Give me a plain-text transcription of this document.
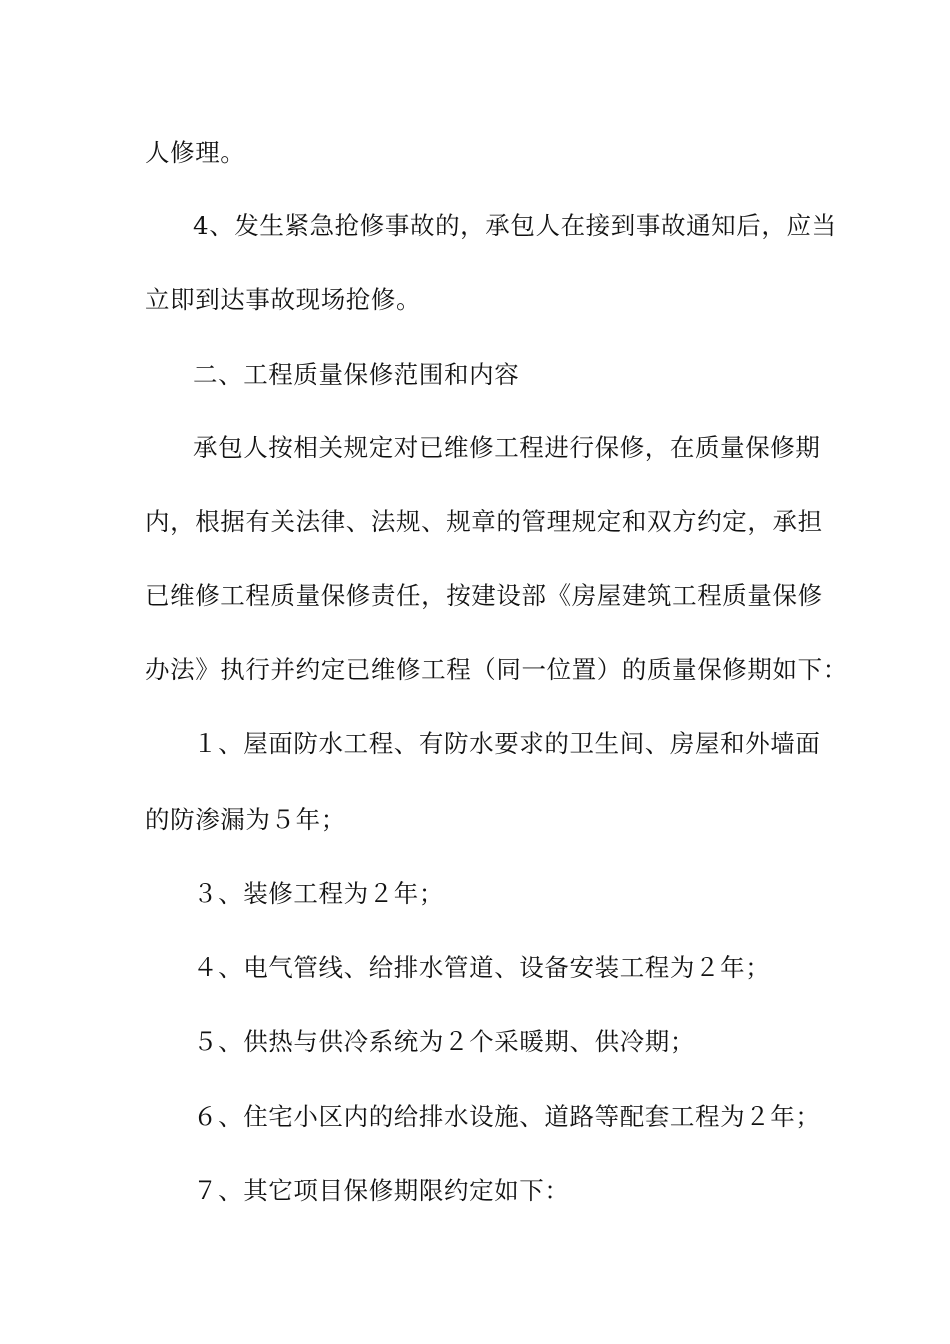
人修理。
4、发生紧急抢修事故的，承包人在接到事故通知后，应当
立即到达事故现场抢修。
二、工程质量保修范围和内容
承包人按相关规定对已维修工程进行保修，在质量保修期
内，根据有关法律、法规、规章的管理规定和双方约定，承担
已维修工程质量保修责任，按建设部《房屋建筑工程质量保修
办法》执行并约定已维修工程（同一位置）的质量保修期如下：
１、屋面防水工程、有防水要求的卫生间、房屋和外墙面
的防渗漏为５年；
３、装修工程为２年；
４、电气管线、给排水管道、设备安装工程为２年；
５、供热与供冷系统为２个采暖期、供冷期；
６、住宅小区内的给排水设施、道路等配套工程为２年；
７、其它项目保修期限约定如下：
